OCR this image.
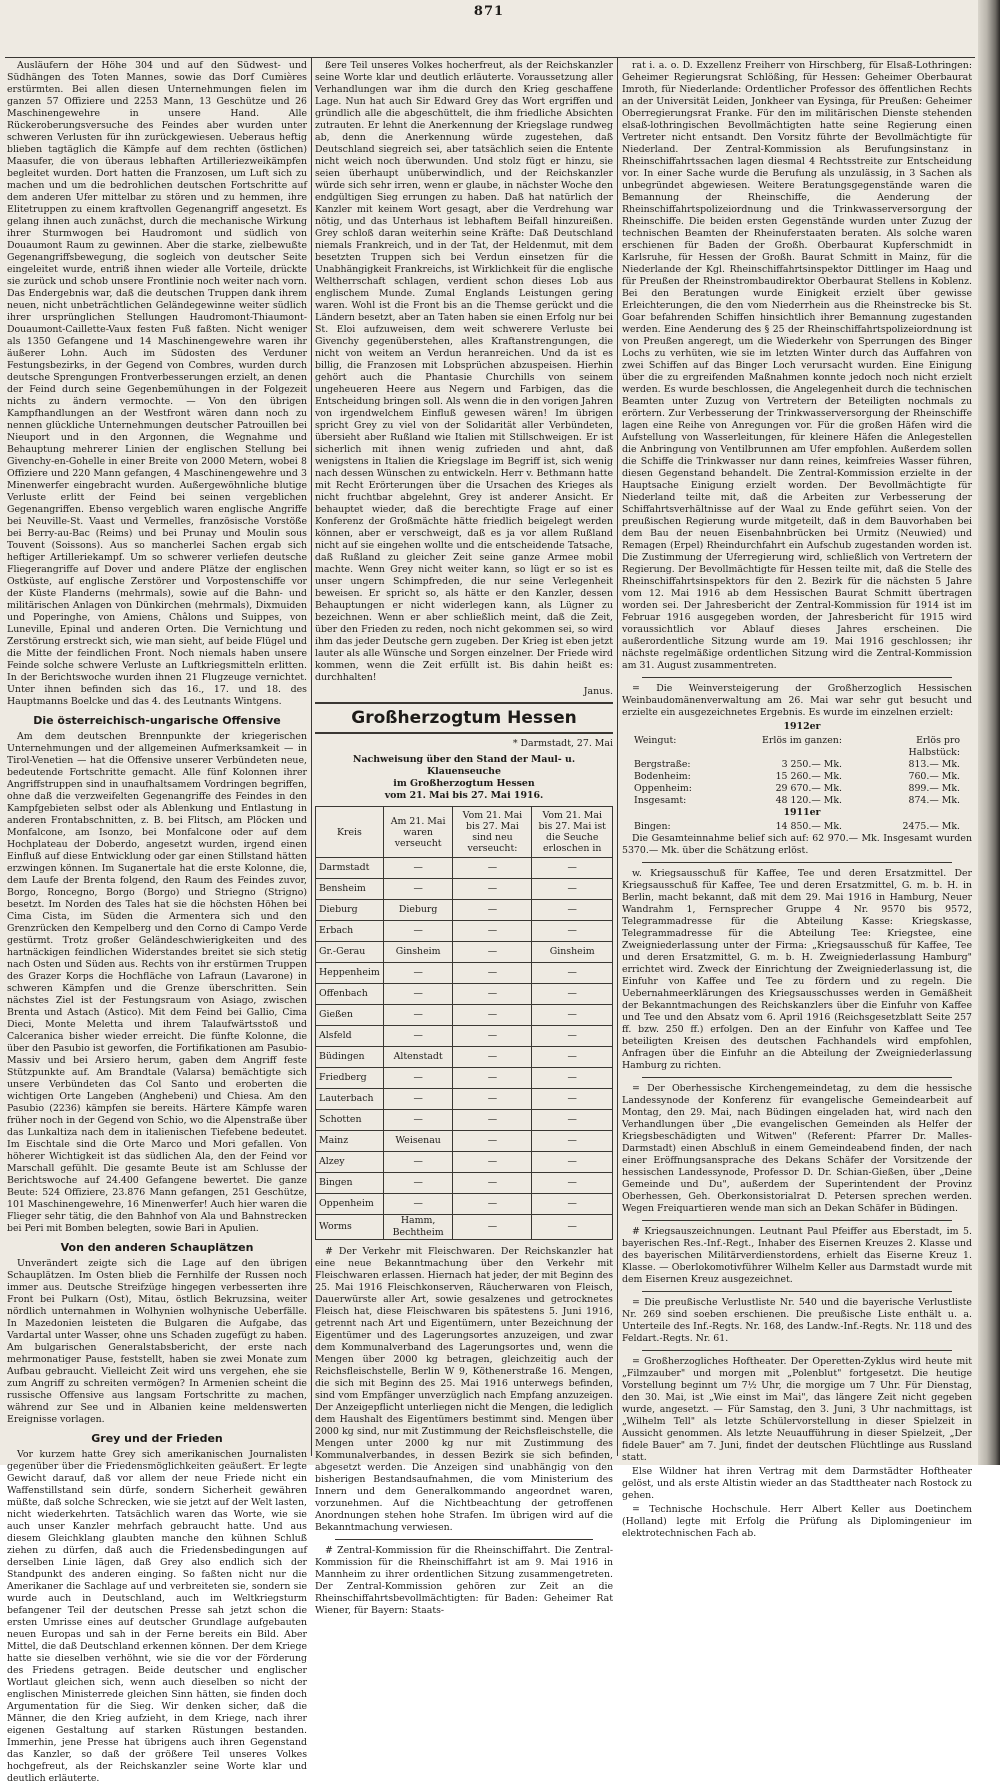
871

Ausläufern der Höhe 304 und auf den Südwest- und Südhängen des Toten Mannes, sowie das Dorf Cumières erstürmten. Bei allen diesen Unternehmungen fielen im ganzen 57 Offiziere und 2253 Mann, 13 Geschütze und 26 Maschinengewehre in unsere Hand. Alle Rückeroberungsversuche des Feindes aber wurden unter schweren Verlusten für ihn zurückgewiesen. Ueberaus heftig blieben tagtäglich die Kämpfe auf dem rechten (östlichen) Maasufer, die von überaus lebhaften Artilleriezweikämpfen begleitet wurden. Dort hatten die Franzosen, um Luft sich zu machen und um die bedrohlichen deutschen Fortschritte auf dem anderen Ufer mittelbar zu stören und zu hemmen, ihre Elitetruppen zu einem kraftvollen Gegenangriff angesetzt. Es gelang ihnen auch zunächst, durch die mechanische Wirkung ihrer Sturmwogen bei Haudromont und südlich von Douaumont Raum zu gewinnen. Aber die starke, zielbewußte Gegenangriffsbewegung, die sogleich von deutscher Seite eingeleitet wurde, entriß ihnen wieder alle Vorteile, drückte sie zurück und schob unsere Frontlinie noch weiter nach vorn. Das Endergebnis war, daß die deutschen Truppen dank ihrem neuen, nicht unbeträchtlichen Geländegewinne weiter südlich ihrer ursprünglichen Stellungen Haudromont-Thiaumont-Douaumont-Caillette-Vaux festen Fuß faßten. Nicht weniger als 1350 Gefangene und 14 Maschinengewehre waren ihr äußerer Lohn. Auch im Südosten des Verduner Festungsbezirks, in der Gegend von Combres, wurden durch deutsche Sprengungen Frontverbesserungen erzielt, an denen der Feind durch seine Gegenbemühungen in der Folgezeit nichts zu ändern vermochte. — Von den übrigen Kampfhandlungen an der Westfront wären dann noch zu nennen glückliche Unternehmungen deutscher Patrouillen bei Nieuport und in den Argonnen, die Wegnahme und Behauptung mehrerer Linien der englischen Stellung bei Givenchy-en-Gohelle in einer Breite von 2000 Metern, wobei 8 Offiziere und 220 Mann gefangen, 4 Maschinengewehre und 3 Minenwerfer eingebracht wurden. Außergewöhnliche blutige Verluste erlitt der Feind bei seinen vergeblichen Gegenangriffen. Ebenso vergeblich waren englische Angriffe bei Neuville-St. Vaast und Vermelles, französische Vorstöße bei Berry-au-Bac (Reims) und bei Prunay und Moulin sous Touvent (Soissons). Aus so mancherlei Sachen ergab sich heftiger Artilleriekampf. Um so schwerer verliefen deutsche Fliegerangriffe auf Dover und andere Plätze der englischen Ostküste, auf englische Zerstörer und Vorpostenschiffe vor der Küste Flanderns (mehrmals), sowie auf die Bahn- und militärischen Anlagen von Dünkirchen (mehrmals), Dixmuiden und Poperinghe, von Amiens, Châlons und Suippes, von Luneville, Epinal und anderen Orten. Die Vernichtung und Zerstörung erstreckt sich, wie man sieht, auf beide Flügel und die Mitte der feindlichen Front. Noch niemals haben unsere Feinde solche schwere Verluste an Luftkriegsmitteln erlitten. In der Berichtswoche wurden ihnen 21 Flugzeuge vernichtet. Unter ihnen befinden sich das 16., 17. und 18. des Hauptmanns Boelcke und das 4. des Leutnants Wintgens.

Die österreichisch-ungarische Offensive

Am dem deutschen Brennpunkte der kriegerischen Unternehmungen und der allgemeinen Aufmerksamkeit — in Tirol-Venetien — hat die Offensive unserer Verbündeten neue, bedeutende Fortschritte gemacht. Alle fünf Kolonnen ihrer Angriffstruppen sind in unaufhaltsamem Vordringen begriffen, ohne daß die verzweifelten Gegenangriffe des Feindes in den Kampfgebieten selbst oder als Ablenkung und Entlastung in anderen Frontabschnitten, z. B. bei Flitsch, am Plöcken und Monfalcone, am Isonzo, bei Monfalcone oder auf dem Hochplateau der Doberdo, angesetzt wurden, irgend einen Einfluß auf diese Entwicklung oder gar einen Stillstand hätten erzwingen können. Im Suganertale hat die erste Kolonne, die, dem Laufe der Brenta folgend, den Raum des Feindes zuvor, Borgo, Roncegno, Borgo (Borgo) und Striegno (Strigno) besetzt. Im Norden des Tales hat sie die höchsten Höhen bei Cima Cista, im Süden die Armentera sich und den Grenzrücken den Kempelberg und den Corno di Campo Verde gestürmt. Trotz großer Geländeschwierigkeiten und des hartnäckigen feindlichen Widerstandes breitet sie sich stetig nach Osten und Süden aus. Rechts von ihr erstürmen Truppen des Grazer Korps die Hochfläche von Lafraun (Lavarone) in schweren Kämpfen und die Grenze überschritten. Sein nächstes Ziel ist der Festungsraum von Asiago, zwischen Brenta und Astach (Astico). Mit dem Feind bei Gallio, Cima Dieci, Monte Meletta und ihrem Talaufwärtsstoß und Calceranica bisher wieder erreicht. Die fünfte Kolonne, die über den Pasubio ist geworfen, die Fortifikationen am Pasubio-Massiv und bei Arsiero herum, gaben dem Angriff feste Stützpunkte auf. Am Brandtale (Valarsa) bemächtigte sich unsere Verbündeten das Col Santo und eroberten die wichtigen Orte Langeben (Anghebeni) und Chiesa. Am den Pasubio (2236) kämpfen sie bereits. Härtere Kämpfe waren früher noch in der Gegend von Schio, wo die Alpenstraße über das Lunkaltiza nach dem in italienischen Tiefebene bedeutet. Im Eischtale sind die Orte Marco und Mori gefallen. Von höherer Wichtigkeit ist das südlichen Ala, den der Feind vor Marschall gefühlt. Die gesamte Beute ist am Schlusse der Berichtswoche auf 24.400 Gefangene bewertet. Die ganze Beute: 524 Offiziere, 23.876 Mann gefangen, 251 Geschütze, 101 Maschinengewehre, 16 Minenwerfer! Auch hier waren die Flieger sehr tätig, die den Bahnhof von Ala und Bahnstrecken bei Peri mit Bomben belegten, sowie Bari in Apulien.

Von den anderen Schauplätzen

Unverändert zeigte sich die Lage auf den übrigen Schauplätzen. Im Osten blieb die Fernhilfe der Russen noch immer aus. Deutsche Streifzüge hingegen verbesserten ihre Front bei Pulkarn (Ost), Mitau, östlich Bekruzsina, weiter nördlich unternahmen in Wolhynien wolhynische Ueberfälle. In Mazedonien leisteten die Bulgaren die Aufgabe, das Vardartal unter Wasser, ohne uns Schaden zugefügt zu haben. Am bulgarischen Generalstabsbericht, der erste nach mehrmonatiger Pause, feststellt, haben sie zwei Monate zum Aufbau gebraucht. Vielleicht Zeit wird uns vergehen, ehe sie zum Angriff zu schreiten vermögen? In Armenien scheint die russische Offensive aus langsam Fortschritte zu machen, während zur See und in Albanien keine meldenswerten Ereignisse vorlagen.

Grey und der Frieden

Vor kurzem hatte Grey sich amerikanischen Journalisten gegenüber über die Friedensmöglichkeiten geäußert. Er legte Gewicht darauf, daß vor allem der neue Friede nicht ein Waffenstillstand sein dürfe, sondern Sicherheit gewähren müßte, daß solche Schrecken, wie sie jetzt auf der Welt lasten, nicht wiederkehrten. Tatsächlich waren das Worte, wie sie auch unser Kanzler mehrfach gebraucht hatte. Und aus diesem Gleichklang glaubten manche den kühnen Schluß ziehen zu dürfen, daß auch die Friedensbedingungen auf derselben Linie lägen, daß Grey also endlich sich der Standpunkt des anderen einging. So faßten nicht nur die Amerikaner die Sachlage auf und verbreiteten sie, sondern sie wurde auch in Deutschland, auch im Weltkriegsturm befangener Teil der deutschen Presse sah jetzt schon die ersten Umrisse eines auf deutscher Grundlage aufgebauten neuen Europas und sah in der Ferne bereits ein Bild. Aber Mittel, die daß Deutschland erkennen können. Der dem Kriege hatte sie dieselben verhöhnt, wie sie die vor der Förderung des Friedens getragen. Beide deutscher und englischer Wortlaut gleichen sich, wenn auch dieselben so nicht der englischen Ministerrede gleichen Sinn hätten, sie finden doch Argumentation für die Sieg. Wir denken sicher, daß die Männer, die den Krieg aufzieht, in dem Kriege, nach ihrer eigenen Gestaltung auf starken Rüstungen bestanden. Immerhin, jene Presse hat übrigens auch ihren Gegenstand das Kanzler, so daß der größere Teil unseres Volkes hochgefreut, als der Reichskanzler seine Worte klar und deutlich erläuterte.

ßere Teil unseres Volkes hocherfreut, als der Reichskanzler seine Worte klar und deutlich erläuterte. Voraussetzung aller Verhandlungen war ihm die durch den Krieg geschaffene Lage. Nun hat auch Sir Edward Grey das Wort ergriffen und gründlich alle die abgeschüttelt, die ihm friedliche Absichten zutrauten. Er lehnt die Anerkennung der Kriegslage rundweg ab, denn die Anerkennung würde zugestehen, daß Deutschland siegreich sei, aber tatsächlich seien die Entente nicht weich noch überwunden. Und stolz fügt er hinzu, sie seien überhaupt unüberwindlich, und der Reichskanzler würde sich sehr irren, wenn er glaube, in nächster Woche den endgültigen Sieg errungen zu haben. Daß hat natürlich der Kanzler mit keinem Wort gesagt, aber die Verdrehung war nötig, und das Unterhaus ist lebhaftem Beifall hinzureißen. Grey schloß daran weiterhin seine Kräfte: Daß Deutschland niemals Frankreich, und in der Tat, der Heldenmut, mit dem besetzten Truppen sich bei Verdun einsetzen für die Unabhängigkeit Frankreichs, ist Wirklichkeit für die englische Weltherrschaft schlagen, verdient schon dieses Lob aus englischem Munde. Zumal Englands Leistungen gering waren. Wohl ist die Front bis an die Themse gerückt und die Ländern besetzt, aber an Taten haben sie einen Erfolg nur bei St. Eloi aufzuweisen, dem weit schwerere Verluste bei Givenchy gegenüberstehen, alles Kraftanstrengungen, die nicht von weitem an Verdun heranreichen. Und da ist es billig, die Franzosen mit Lobsprüchen abzuspeisen. Hierhin gehört auch die Phantasie Churchills von seinem ungeheueren Heere aus Negern und Farbigen, das die Entscheidung bringen soll. Als wenn die in den vorigen Jahren von irgendwelchem Einfluß gewesen wären! Im übrigen spricht Grey zu viel von der Solidarität aller Verbündeten, übersieht aber Rußland wie Italien mit Stillschweigen. Er ist sicherlich mit ihnen wenig zufrieden und ahnt, daß wenigstens in Italien die Kriegslage im Begriff ist, sich wenig nach dessen Wünschen zu entwickeln. Herr v. Bethmann hatte mit Recht Erörterungen über die Ursachen des Krieges als nicht fruchtbar abgelehnt, Grey ist anderer Ansicht. Er behauptet wieder, daß die berechtigte Frage auf einer Konferenz der Großmächte hätte friedlich beigelegt werden können, aber er verschweigt, daß es ja vor allem Rußland nicht auf sie eingehen wollte und die entscheidende Tatsache, daß Rußland zu gleicher Zeit seine ganze Armee mobil machte. Wenn Grey nicht weiter kann, so lügt er so ist es unser ungern Schimpfreden, die nur seine Verlegenheit beweisen. Er spricht so, als hätte er den Kanzler, dessen Behauptungen er nicht widerlegen kann, als Lügner zu bezeichnen. Wenn er aber schließlich meint, daß die Zeit, über den Frieden zu reden, noch nicht gekommen sei, so wird ihm das jeder Deutsche gern zugeben. Der Krieg ist eben jetzt lauter als alle Wünsche und Sorgen einzelner. Der Friede wird kommen, wenn die Zeit erfüllt ist. Bis dahin heißt es: durchhalten!

Janus.
Großherzogtum Hessen
* Darmstadt, 27. Mai
Nachweisung über den Stand der Maul- u. Klauenseuche
im Großherzogtum Hessen
vom 21. Mai bis 27. Mai 1916.
Kreis	Am 21. Mai waren verseucht	Vom 21. Mai bis 27. Mai sind neu verseucht:	Vom 21. Mai bis 27. Mai ist die Seuche erloschen in
Darmstadt	—	—	—
Bensheim	—	—	—
Dieburg	Dieburg	—	—
Erbach	—	—	—
Gr.-Gerau	Ginsheim	—	Ginsheim
Heppenheim	—	—	—
Offenbach	—	—	—
Gießen	—	—	—
Alsfeld	—	—	—
Büdingen	Altenstadt	—	—
Friedberg	—	—	—
Lauterbach	—	—	—
Schotten	—	—	—
Mainz	Weisenau	—	—
Alzey	—	—	—
Bingen	—	—	—
Oppenheim	—	—	—
Worms	Hamm, Bechtheim	—	—

# Der Verkehr mit Fleischwaren. Der Reichskanzler hat eine neue Bekanntmachung über den Verkehr mit Fleischwaren erlassen. Hiernach hat jeder, der mit Beginn des 25. Mai 1916 Fleischkonserven, Räucherwaren von Fleisch, Dauerwürste aller Art, sowie gesalzenes und getrocknetes Fleisch hat, diese Fleischwaren bis spätestens 5. Juni 1916, getrennt nach Art und Eigentümern, unter Bezeichnung der Eigentümer und des Lagerungsortes anzuzeigen, und zwar dem Kommunalverband des Lagerungsortes und, wenn die Mengen über 2000 kg betragen, gleichzeitig auch der Reichsfleischstelle, Berlin W 9, Köthenerstraße 16. Mengen, die sich mit Beginn des 25. Mai 1916 unterwegs befinden, sind vom Empfänger unverzüglich nach Empfang anzuzeigen. Der Anzeigepflicht unterliegen nicht die Mengen, die lediglich dem Haushalt des Eigentümers bestimmt sind. Mengen über 2000 kg sind, nur mit Zustimmung der Reichsfleischstelle, die Mengen unter 2000 kg nur mit Zustimmung des Kommunalverbandes, in dessen Bezirk sie sich befinden, abgesetzt werden. Die Anzeigen sind unabhängig von den bisherigen Bestandsaufnahmen, die vom Ministerium des Innern und dem Generalkommando angeordnet waren, vorzunehmen. Auf die Nichtbeachtung der getroffenen Anordnungen stehen hohe Strafen. Im übrigen wird auf die Bekanntmachung verwiesen.

# Zentral-Kommission für die Rheinschiffahrt. Die Zentral-Kommission für die Rheinschiffahrt ist am 9. Mai 1916 in Mannheim zu ihrer ordentlichen Sitzung zusammengetreten. Der Zentral-Kommission gehören zur Zeit an die Rheinschiffahrtsbevollmächtigten: für Baden: Geheimer Rat Wiener, für Bayern: Staats-

rat i. a. o. D. Exzellenz Freiherr von Hirschberg, für Elsaß-Lothringen: Geheimer Regierungsrat Schlößing, für Hessen: Geheimer Oberbaurat Imroth, für Niederlande: Ordentlicher Professor des öffentlichen Rechts an der Universität Leiden, Jonkheer van Eysinga, für Preußen: Geheimer Oberregierungsrat Franke. Für den im militärischen Dienste stehenden elsaß-lothringischen Bevollmächtigten hatte seine Regierung einen Vertreter nicht entsandt. Den Vorsitz führte der Bevollmächtigte für Niederland. Der Zentral-Kommission als Berufungsinstanz in Rheinschiffahrtssachen lagen diesmal 4 Rechtsstreite zur Entscheidung vor. In einer Sache wurde die Berufung als unzulässig, in 3 Sachen als unbegründet abgewiesen. Weitere Beratungsgegenstände waren die Bemannung der Rheinschiffe, die Aenderung der Rheinschiffahrtspolizeiordnung und die Trinkwasserversorgung der Rheinschiffe. Die beiden ersten Gegenstände wurden unter Zuzug der technischen Beamten der Rheinuferstaaten beraten. Als solche waren erschienen für Baden der Großh. Oberbaurat Kupferschmidt in Karlsruhe, für Hessen der Großh. Baurat Schmitt in Mainz, für die Niederlande der Kgl. Rheinschiffahrtsinspektor Dittlinger im Haag und für Preußen der Rheinstrombaudirektor Oberbaurat Stellens in Koblenz. Bei den Beratungen wurde Einigkeit erzielt über gewisse Erleichterungen, die den vom Niederrhein aus die Rheinstrecke bis St. Goar befahrenden Schiffen hinsichtlich ihrer Bemannung zugestanden werden. Eine Aenderung des § 25 der Rheinschiffahrtspolizeiordnung ist von Preußen angeregt, um die Wiederkehr von Sperrungen des Binger Lochs zu verhüten, wie sie im letzten Winter durch das Auffahren von zwei Schiffen auf das Binger Loch verursacht wurden. Eine Einigung über die zu ergreifenden Maßnahmen konnte jedoch noch nicht erzielt werden. Es wurde beschlossen, die Angelegenheit durch die technischen Beamten unter Zuzug von Vertretern der Beteiligten nochmals zu erörtern. Zur Verbesserung der Trinkwasserversorgung der Rheinschiffe lagen eine Reihe von Anregungen vor. Für die großen Häfen wird die Aufstellung von Wasserleitungen, für kleinere Häfen die Anlegestellen die Anbringung von Ventilbrunnen am Ufer empfohlen. Außerdem sollen die Schiffe die Trinkwasser nur dann reines, keimfreies Wasser führen, diesen Gegenstand behandelt. Die Zentral-Kommission erzielte in der Hauptsache Einigung erzielt worden. Der Bevollmächtigte für Niederland teilte mit, daß die Arbeiten zur Verbesserung der Schiffahrtsverhältnisse auf der Waal zu Ende geführt seien. Von der preußischen Regierung wurde mitgeteilt, daß in dem Bauvorhaben bei dem Bau der neuen Eisenbahnbrücken bei Urmitz (Neuwied) und Remagen (Erpel) Rheindurchfahrt ein Aufschub zugestanden worden ist. Die Zustimmung der Uferregierung wird, schließlich von Vertretern der Regierung. Der Bevollmächtigte für Hessen teilte mit, daß die Stelle des Rheinschiffahrtsinspektors für den 2. Bezirk für die nächsten 5 Jahre vom 12. Mai 1916 ab dem Hessischen Baurat Schmitt übertragen worden sei. Der Jahresbericht der Zentral-Kommission für 1914 ist im Februar 1916 ausgegeben worden, der Jahresbericht für 1915 wird voraussichtlich vor Ablauf dieses Jahres erscheinen. Die außerordentliche Sitzung wurde am 19. Mai 1916 geschlossen; ihr nächste regelmäßige ordentlichen Sitzung wird die Zentral-Kommission am 31. August zusammentreten.

= Die Weinversteigerung der Großherzoglich Hessischen Weinbaudomänenverwaltung am 26. Mai war sehr gut besucht und erzielte ein ausgezeichnetes Ergebnis. Es wurde im einzelnen erzielt:

1912er

Weingut:	Erlös im ganzen:	Erlös pro Halbstück:
Bergstraße:	3 250.— Mk.	813.— Mk.
Bodenheim:	15 260.— Mk.	760.— Mk.
Oppenheim:	29 670.— Mk.	899.— Mk.
Insgesamt:	48 120.— Mk.	874.— Mk.

1911er

Bingen:	14 850.— Mk.	2475.— Mk.

Die Gesamteinnahme belief sich auf: 62 970.— Mk. Insgesamt wurden 5370.— Mk. über die Schätzung erlöst.

w. Kriegsausschuß für Kaffee, Tee und deren Ersatzmittel. Der Kriegsausschuß für Kaffee, Tee und deren Ersatzmittel, G. m. b. H. in Berlin, macht bekannt, daß mit dem 29. Mai 1916 in Hamburg, Neuer Wandrahm 1, Fernsprecher Gruppe 4 Nr. 9570 bis 9572, Telegrammadresse für die Abteilung Kasse: Kriegskasse, Telegrammadresse für die Abteilung Tee: Kriegstee, eine Zweigniederlassung unter der Firma: „Kriegsausschuß für Kaffee, Tee und deren Ersatzmittel, G. m. b. H. Zweigniederlassung Hamburg" errichtet wird. Zweck der Einrichtung der Zweigniederlassung ist, die Einfuhr von Kaffee und Tee zu fördern und zu regeln. Die Uebernahmeerklärungen des Kriegsausschusses werden in Gemäßheit der Bekanntmachungen des Reichskanzlers über die Einfuhr von Kaffee und Tee und den Absatz vom 6. April 1916 (Reichsgesetzblatt Seite 257 ff. bzw. 250 ff.) erfolgen. Den an der Einfuhr von Kaffee und Tee beteiligten Kreisen des deutschen Fachhandels wird empfohlen, Anfragen über die Einfuhr an die Abteilung der Zweigniederlassung Hamburg zu richten.

= Der Oberhessische Kirchengemeindetag, zu dem die hessische Landessynode der Konferenz für evangelische Gemeindearbeit auf Montag, den 29. Mai, nach Büdingen eingeladen hat, wird nach den Verhandlungen über „Die evangelischen Gemeinden als Helfer der Kriegsbeschädigten und Witwen" (Referent: Pfarrer Dr. Malles-Darmstadt) einen Abschluß in einem Gemeindeabend finden, der nach einer Eröffnungsansprache des Dekans Schäfer der Vorsitzende der hessischen Landessynode, Professor D. Dr. Schian-Gießen, über „Deine Gemeinde und Du", außerdem der Superintendent der Provinz Oberhessen, Geh. Oberkonsistorialrat D. Petersen sprechen werden. Wegen Freiquartieren wende man sich an Dekan Schäfer in Büdingen.

# Kriegsauszeichnungen. Leutnant Paul Pfeiffer aus Eberstadt, im 5. bayerischen Res.-Inf.-Regt., Inhaber des Eisernen Kreuzes 2. Klasse und des bayerischen Militärverdienstordens, erhielt das Eiserne Kreuz 1. Klasse. — Oberlokomotivführer Wilhelm Keller aus Darmstadt wurde mit dem Eisernen Kreuz ausgezeichnet.

= Die preußische Verlustliste Nr. 540 und die bayerische Verlustliste Nr. 269 sind soeben erschienen. Die preußische Liste enthält u. a. Unterteile des Inf.-Regts. Nr. 168, des Landw.-Inf.-Regts. Nr. 118 und des Feldart.-Regts. Nr. 61.

= Großherzogliches Hoftheater. Der Operetten-Zyklus wird heute mit „Filmzauber" und morgen mit „Polenblut" fortgesetzt. Die heutige Vorstellung beginnt um 7½ Uhr, die morgige um 7 Uhr. Für Dienstag, den 30. Mai, ist „Wie einst im Mai", das längere Zeit nicht gegeben wurde, angesetzt. — Für Samstag, den 3. Juni, 3 Uhr nachmittags, ist „Wilhelm Tell" als letzte Schülervorstellung in dieser Spielzeit in Aussicht genommen. Als letzte Neuaufführung in dieser Spielzeit, „Der fidele Bauer" am 7. Juni, findet der deutschen Flüchtlinge aus Russland statt.

Else Wildner hat ihren Vertrag mit dem Darmstädter Hoftheater gelöst, und als erste Altistin wieder an das Stadttheater nach Rostock zu gehen.

= Technische Hochschule. Herr Albert Keller aus Doetinchem (Holland) legte mit Erfolg die Prüfung als Diplomingenieur im elektrotechnischen Fach ab.
